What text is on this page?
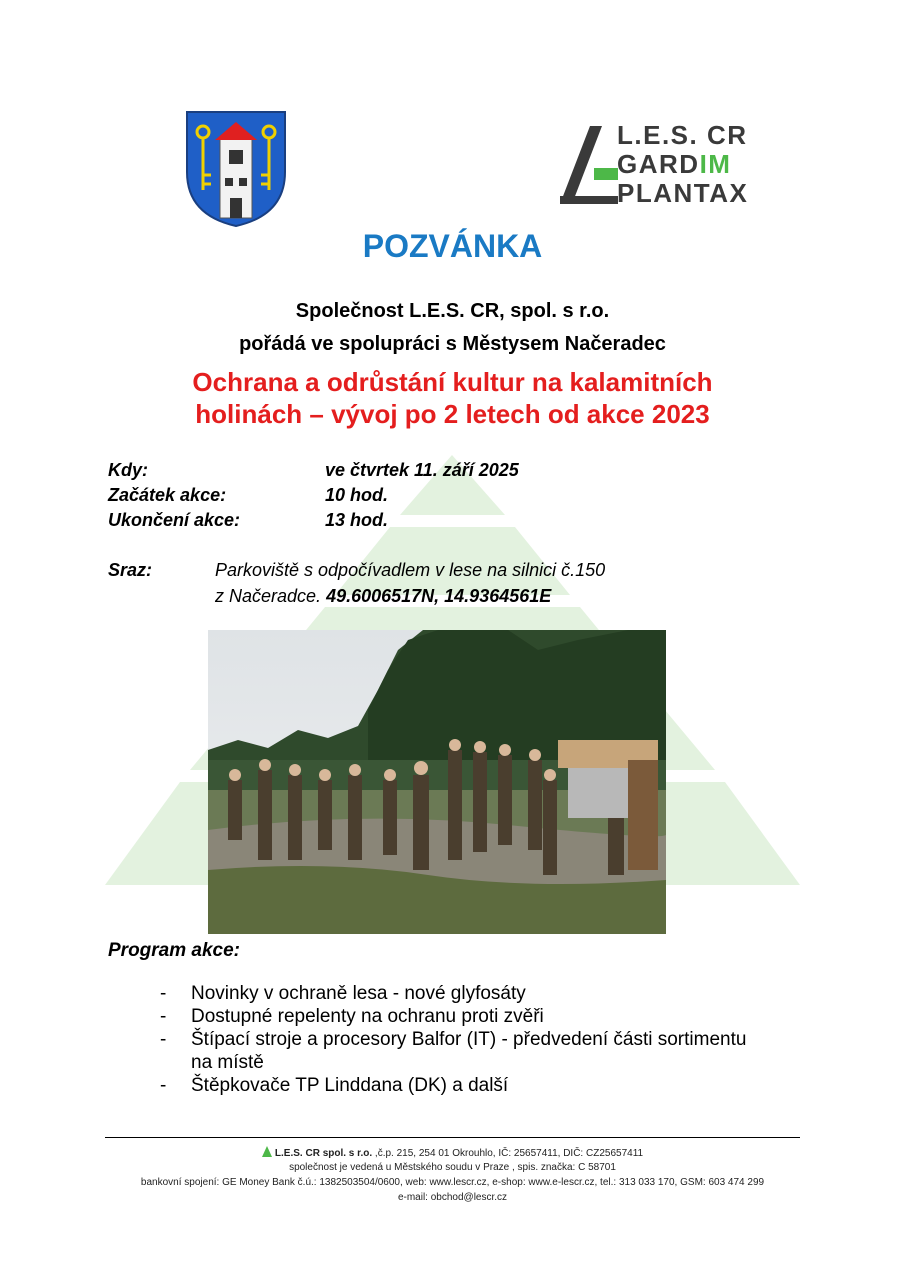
L.E.S. CR
GARDIM
PLANTAX
POZVÁNKA
Společnost L.E.S. CR, spol. s r.o.
pořádá ve spolupráci s Městysem Načeradec
Ochrana a odrůstání kultur na kalamitních
holinách – vývoj po 2 letech od akce 2023
Kdy:	ve čtvrtek 11. září 2025
Začátek akce:	10 hod.
Ukončení akce:	13 hod.
Sraz:	Parkoviště s odpočívadlem v lese na silnici č.150
z Načeradce. 49.6006517N, 14.9364561E
Program akce:
- Novinky v ochraně lesa - nové glyfosáty
- Dostupné repelenty na ochranu proti zvěři
- Štípací stroje a procesory Balfor (IT) - předvedení části sortimentu na místě
- Štěpkovače TP Linddana (DK) a další
L.E.S. CR spol. s r.o. ,č.p. 215, 254 01 Okrouhlo, IČ: 25657411, DIČ: CZ25657411
společnost je vedená u Městského soudu v Praze , spis. značka: C 58701
bankovní spojení: GE Money Bank č.ú.: 1382503504/0600, web: www.lescr.cz, e-shop: www.e-lescr.cz, tel.: 313 033 170, GSM: 603 474 299
e-mail: obchod@lescr.cz
